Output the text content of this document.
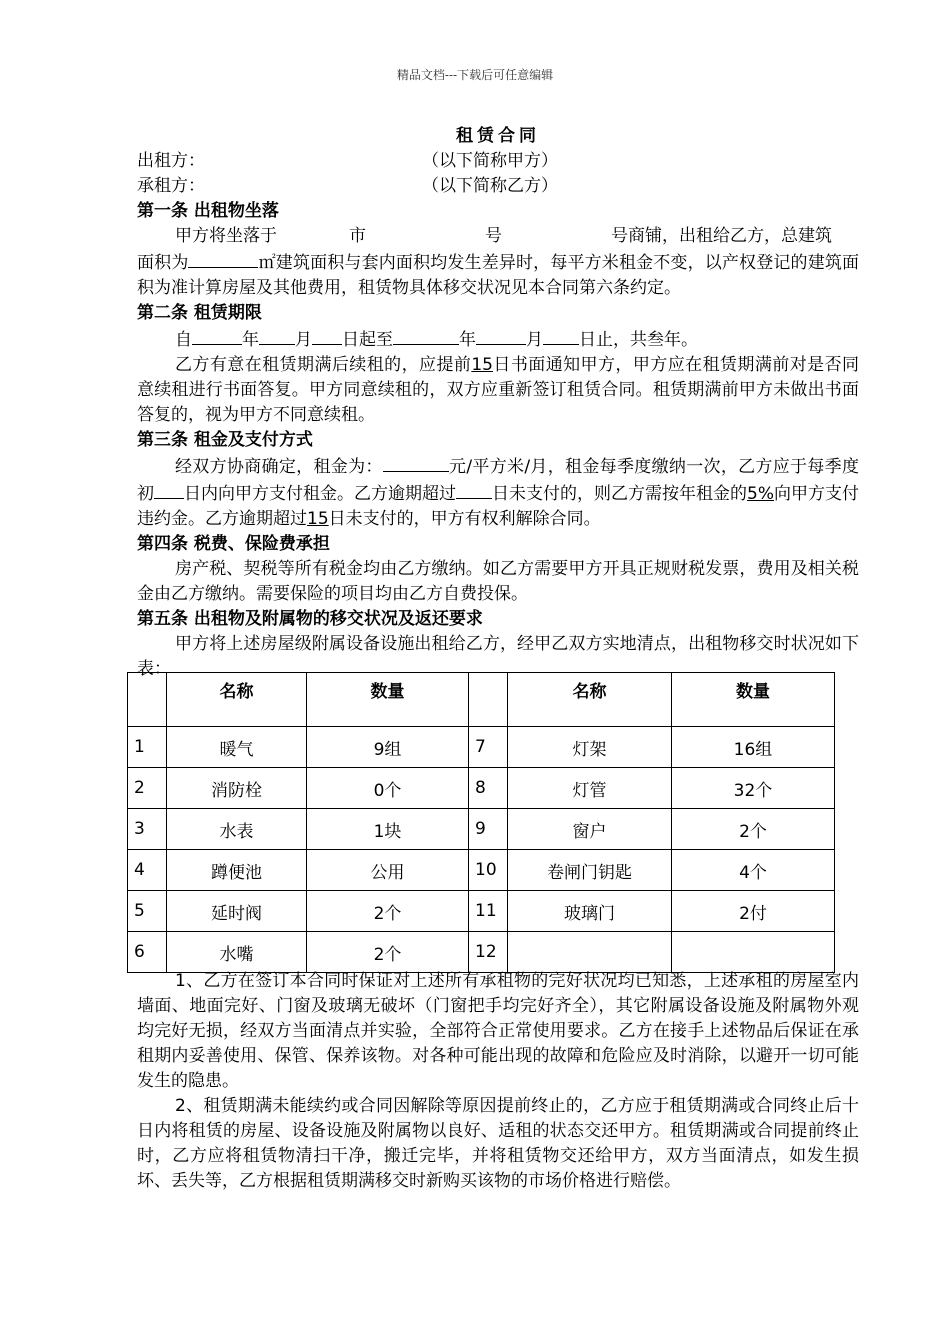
精品文档---下载后可任意编辑

租赁合同

出租方：	（以下简称甲方）
承租方：	（以下简称乙方）

第一条 出租物坐落

甲方将坐落于	市	号	号商铺，出租给乙方，总建筑

面积为	㎡建筑面积与套内面积均发生差异时，每平方米租金不变，以产权登记的建筑面积为准计算房屋及其他费用，租赁物具体移交状况见本合同第六条约定。

第二条 租赁期限

自	年 月 日起至	年	月 日止，共叁年。

乙方有意在租赁期满后续租的，应提前15日书面通知甲方，甲方应在租赁期满前对是否同意续租进行书面答复。甲方同意续租的，双方应重新签订租赁合同。租赁期满前甲方未做出书面答复的，视为甲方不同意续租。

第三条 租金及支付方式

经双方协商确定，租金为：	元/平方米/月，租金每季度缴纳一次，乙方应于每季度初 日内向甲方支付租金。乙方逾期超过 日未支付的，则乙方需按年租金的5%向甲方支付违约金。乙方逾期超过15日未支付的，甲方有权利解除合同。

第四条 税费、保险费承担

房产税、契税等所有税金均由乙方缴纳。如乙方需要甲方开具正规财税发票，费用及相关税金由乙方缴纳。需要保险的项目均由乙方自费投保。

第五条 出租物及附属物的移交状况及返还要求

甲方将上述房屋级附属设备设施出租给乙方，经甲乙双方实地清点，出租物移交时状况如下表：

	名称	数量		名称	数量
1	暖气	9组	7	灯架	16组
2	消防栓	0个	8	灯管	32个
3	水表	1块	9	窗户	2个
4	蹲便池	公用	10	卷闸门钥匙	4个
5	延时阀	2个	11	玻璃门	2付
6	水嘴	2个	12		

1、乙方在签订本合同时保证对上述所有承租物的完好状况均已知悉，上述承租的房屋室内墙面、地面完好、门窗及玻璃无破坏（门窗把手均完好齐全），其它附属设备设施及附属物外观均完好无损，经双方当面清点并实验，全部符合正常使用要求。乙方在接手上述物品后保证在承租期内妥善使用、保管、保养该物。对各种可能出现的故障和危险应及时消除，以避开一切可能发生的隐患。

2、租赁期满未能续约或合同因解除等原因提前终止的，乙方应于租赁期满或合同终止后十日内将租赁的房屋、设备设施及附属物以良好、适租的状态交还甲方。租赁期满或合同提前终止时，乙方应将租赁物清扫干净，搬迁完毕，并将租赁物交还给甲方，双方当面清点，如发生损坏、丢失等，乙方根据租赁期满移交时新购买该物的市场价格进行赔偿。
